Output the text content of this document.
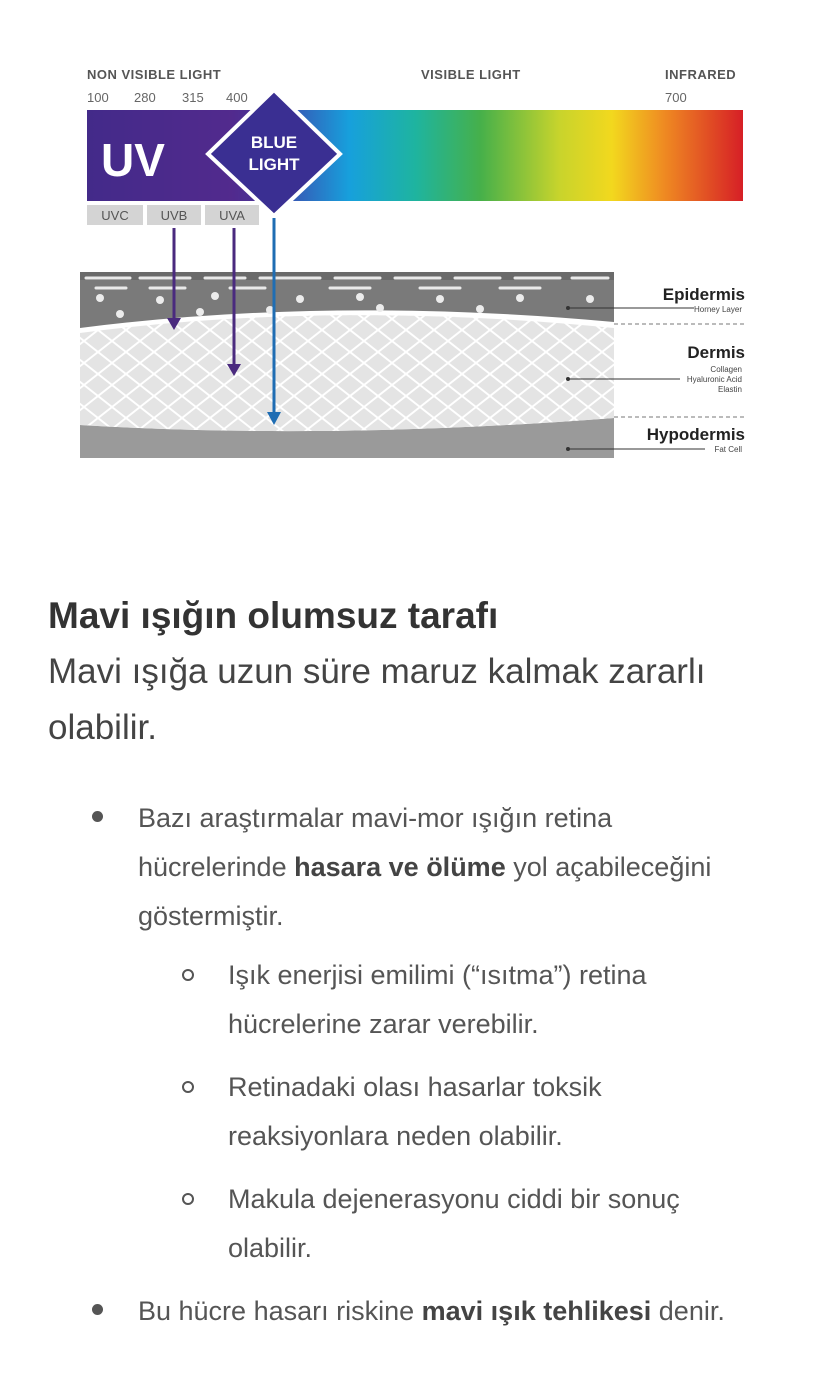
NON VISIBLE LIGHT	VISIBLE LIGHT	INFRARED
100 280 315 400	700
UV	BLUE
LIGHT
UVC UVB UVA
Epidermis
Horney Layer
Dermis
Collagen
Hyaluronic Acid
Elastin
Hypodermis
Fat Cell
Mavi ışığın olumsuz tarafı

Mavi ışığa uzun süre maruz kalmak zararlı olabilir.

Bazı araştırmalar mavi-mor ışığın retina hücrelerinde hasara ve ölüme yol açabileceğini göstermiştir.
Işık enerjisi emilimi (“ısıtma”) retina hücrelerine zarar verebilir.
Retinadaki olası hasarlar toksik reaksiyonlara neden olabilir.
Makula dejenerasyonu ciddi bir sonuç olabilir.
Bu hücre hasarı riskine mavi ışık tehlikesi denir.
